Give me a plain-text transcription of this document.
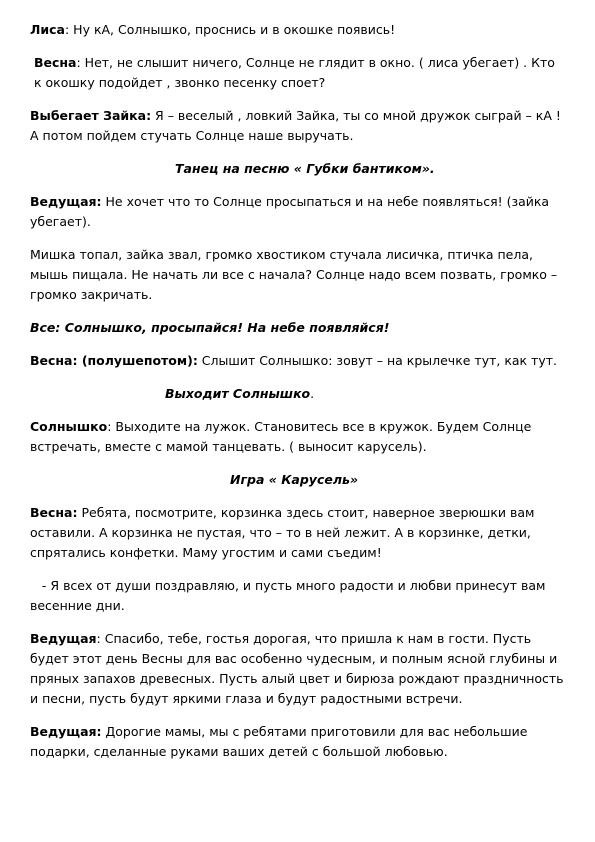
Лиса: Ну кА, Солнышко, проснись и в окошке появись!

Весна: Нет, не слышит ничего, Солнце не глядит в окно. ( лиса убегает) . Кто к окошку подойдет , звонко песенку споет?

Выбегает Зайка: Я – веселый , ловкий Зайка, ты со мной дружок сыграй – кА ! А потом пойдем стучать Солнце наше выручать.

Танец на песню « Губки бантиком».

Ведущая: Не хочет что то Солнце просыпаться и на небе появляться! (зайка убегает).

Мишка топал, зайка звал, громко хвостиком стучала лисичка, птичка пела, мышь пищала. Не начать ли все с начала? Солнце надо всем позвать, громко – громко закричать.

Все: Солнышко, просыпайся! На небе появляйся!

Весна: (полушепотом): Слышит Солнышко: зовут – на крылечке тут, как тут.

Выходит Солнышко.

Солнышко: Выходите на лужок. Становитесь все в кружок. Будем Солнце встречать, вместе с мамой танцевать. ( выносит карусель).

Игра « Карусель»

Весна: Ребята, посмотрите, корзинка здесь стоит, наверное зверюшки вам оставили. А корзинка не пустая, что – то в ней лежит. А в корзинке, детки, спрятались конфетки. Маму угостим и сами съедим!

- Я всех от души поздравляю, и пусть много радости и любви принесут вам весенние дни.

Ведущая: Спасибо, тебе, гостья дорогая, что пришла к нам в гости. Пусть будет этот день Весны для вас особенно чудесным, и полным ясной глубины и пряных запахов древесных. Пусть алый цвет и бирюза рождают праздничность и песни, пусть будут яркими глаза и будут радостными встречи.

Ведущая: Дорогие мамы, мы с ребятами приготовили для вас небольшие подарки, сделанные руками ваших детей с большой любовью.
